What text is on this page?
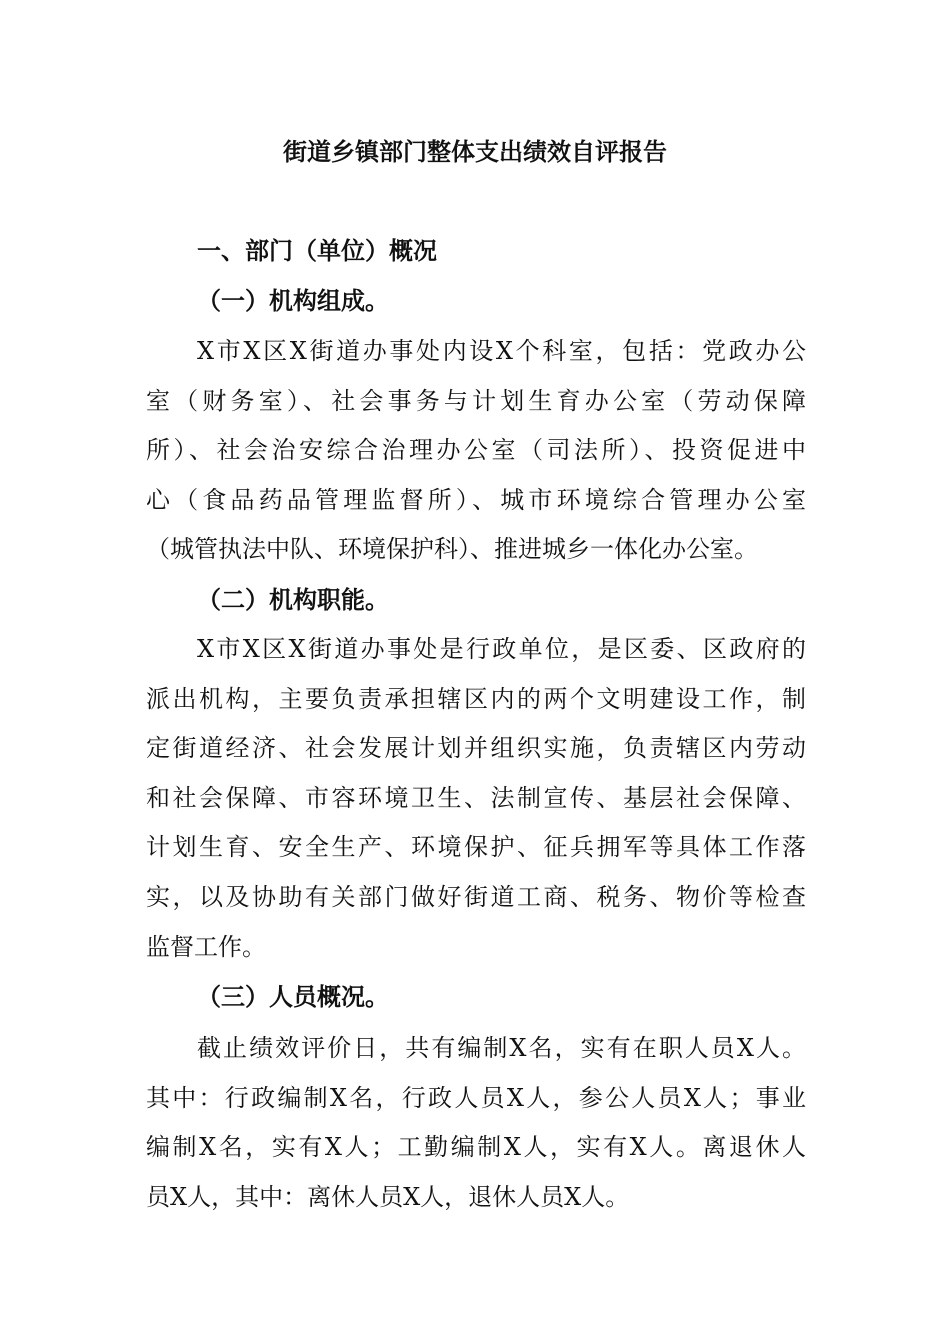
街道乡镇部门整体支出绩效自评报告
一、部门（单位）概况
（一）机构组成。
X市X区X街道办事处内设X个科室，包括：党政办公
室（财务室）、社会事务与计划生育办公室（劳动保障
所）、社会治安综合治理办公室（司法所）、投资促进中
心（食品药品管理监督所）、城市环境综合管理办公室
（城管执法中队、环境保护科）、推进城乡一体化办公室。
（二）机构职能。
X市X区X街道办事处是行政单位，是区委、区政府的
派出机构，主要负责承担辖区内的两个文明建设工作，制
定街道经济、社会发展计划并组织实施，负责辖区内劳动
和社会保障、市容环境卫生、法制宣传、基层社会保障、
计划生育、安全生产、环境保护、征兵拥军等具体工作落
实，以及协助有关部门做好街道工商、税务、物价等检查
监督工作。
（三）人员概况。
截止绩效评价日，共有编制X名，实有在职人员X人。
其中：行政编制X名，行政人员X人，参公人员X人；事业
编制X名，实有X人；工勤编制X人，实有X人。离退休人
员X人，其中：离休人员X人，退休人员X人。
